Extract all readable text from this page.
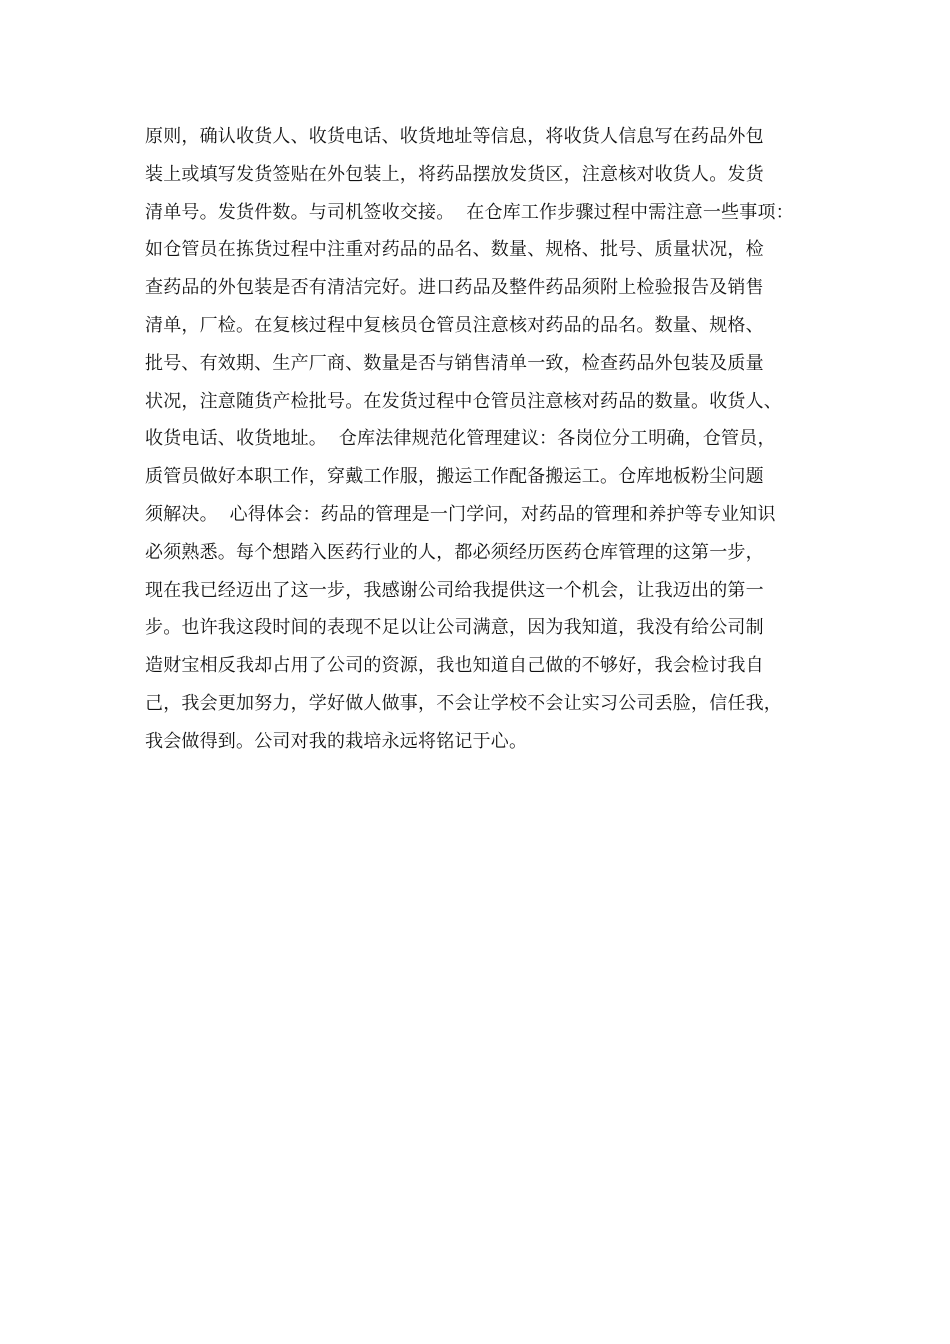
原则，确认收货人、收货电话、收货地址等信息，将收货人信息写在药品外包
装上或填写发货签贴在外包装上，将药品摆放发货区，注意核对收货人。发货
清单号。发货件数。与司机签收交接。  在仓库工作步骤过程中需注意一些事项：
如仓管员在拣货过程中注重对药品的品名、数量、规格、批号、质量状况，检
查药品的外包装是否有清洁完好。进口药品及整件药品须附上检验报告及销售
清单，厂检。在复核过程中复核员仓管员注意核对药品的品名。数量、规格、
批号、有效期、生产厂商、数量是否与销售清单一致，检查药品外包装及质量
状况，注意随货产检批号。在发货过程中仓管员注意核对药品的数量。收货人、
收货电话、收货地址。  仓库法律规范化管理建议：各岗位分工明确，仓管员，
质管员做好本职工作，穿戴工作服，搬运工作配备搬运工。仓库地板粉尘问题
须解决。  心得体会：药品的管理是一门学问，对药品的管理和养护等专业知识
必须熟悉。每个想踏入医药行业的人，都必须经历医药仓库管理的这第一步，
现在我已经迈出了这一步，我感谢公司给我提供这一个机会，让我迈出的第一
步。也许我这段时间的表现不足以让公司满意，因为我知道，我没有给公司制
造财宝相反我却占用了公司的资源，我也知道自己做的不够好，我会检讨我自
己，我会更加努力，学好做人做事，不会让学校不会让实习公司丢脸，信任我，
我会做得到。公司对我的栽培永远将铭记于心。
